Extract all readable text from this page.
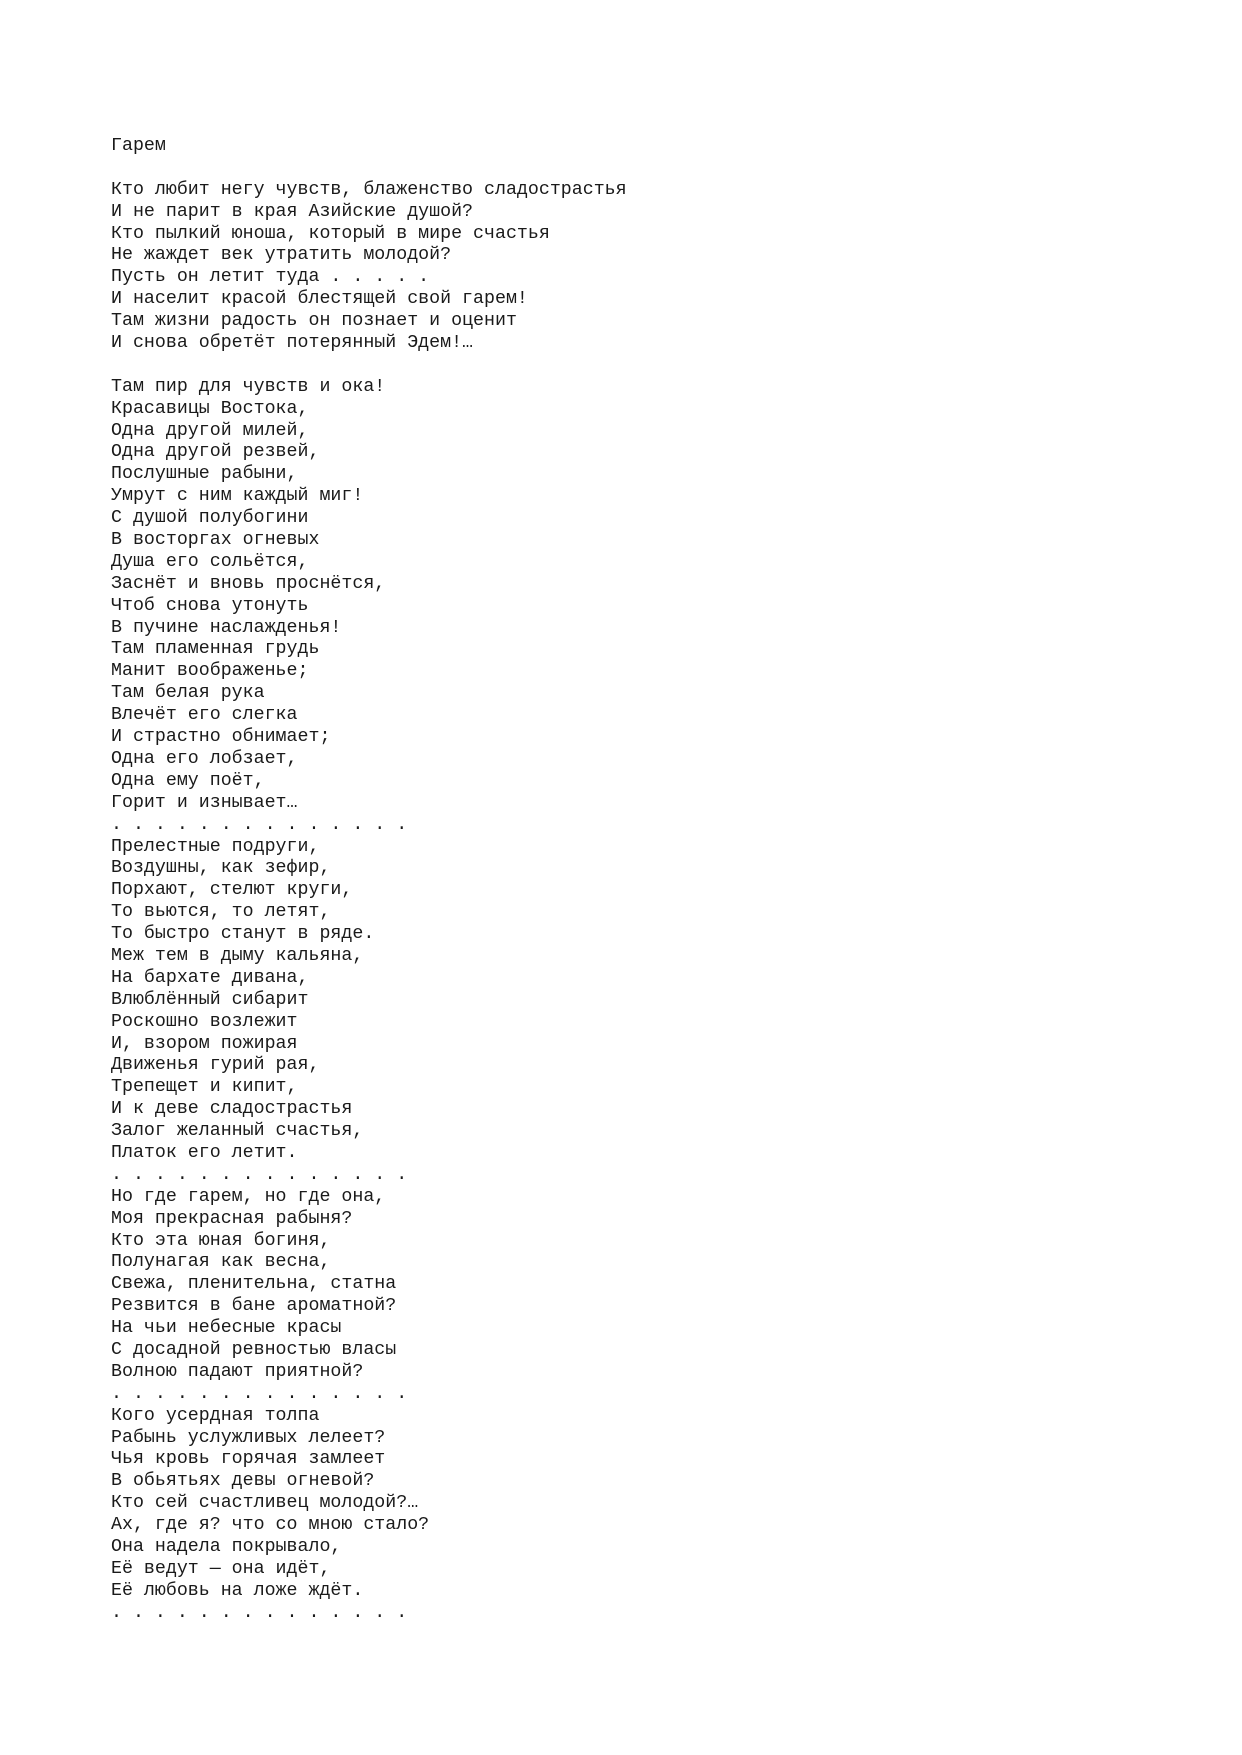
Гарем
Кто любит негу чувств, блаженство сладострастья
И не парит в края Азийские душой?
Кто пылкий юноша, который в мире счастья
Не жаждет век утратить молодой?
Пусть он летит туда . . . . .
И населит красой блестящей свой гарем!
Там жизни радость он познает и оценит
И снова обретёт потерянный Эдем!…
Там пир для чувств и ока!
Красавицы Востока,
Одна другой милей,
Одна другой резвей,
Послушные рабыни,
Умрут с ним каждый миг!
С душой полубогини
В восторгах огневых
Душа его сольётся,
Заснёт и вновь проснётся,
Чтоб снова утонуть
В пучине наслажденья!
Там пламенная грудь
Манит воображенье;
Там белая рука
Влечёт его слегка
И страстно обнимает;
Одна его лобзает,
Одна ему поёт,
Горит и изнывает…
. . . . . . . . . . . . . .
Прелестные подруги,
Воздушны, как зефир,
Порхают, стелют круги,
То вьются, то летят,
То быстро станут в ряде.
Меж тем в дыму кальяна,
На бархате дивана,
Влюблённый сибарит
Роскошно возлежит
И, взором пожирая
Движенья гурий рая,
Трепещет и кипит,
И к деве сладострастья
Залог желанный счастья,
Платок его летит.
. . . . . . . . . . . . . .
Но где гарем, но где она,
Моя прекрасная рабыня?
Кто эта юная богиня,
Полунагая как весна,
Свежа, пленительна, статна
Резвится в бане ароматной?
На чьи небесные красы
С досадной ревностью власы
Волною падают приятной?
. . . . . . . . . . . . . .
Кого усердная толпа
Рабынь услужливых лелеет?
Чья кровь горячая замлеет
В обьятьях девы огневой?
Кто сей счастливец молодой?…
Ах, где я? что со мною стало?
Она надела покрывало,
Её ведут — она идёт,
Её любовь на ложе ждёт.
. . . . . . . . . . . . . .
